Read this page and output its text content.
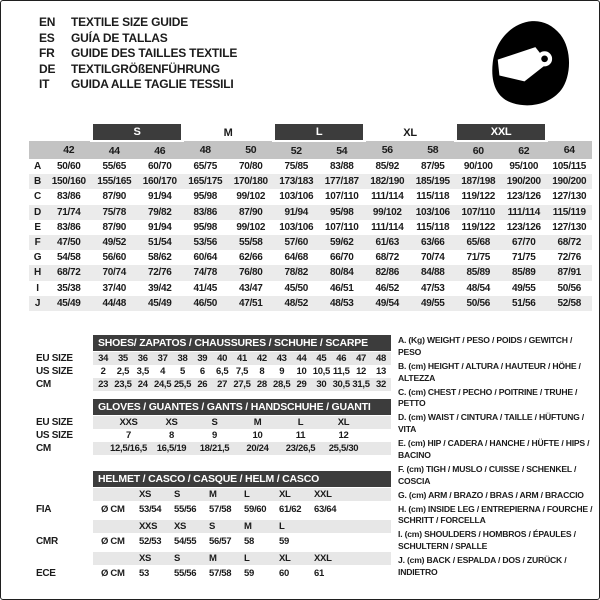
EN	TEXTILE SIZE GUIDE
ES	GUÍA DE TALLAS
FR	GUIDE DES TAILLES TEXTILE
DE	TEXTILGRÖßENFÜHRUNG
IT	GUIDA ALLE TAGLIE TESSILI
		S		M		L		XL		XXL		
	42	44	46	48	50	52	54	56	58	60	62	64
A	50/60	55/65	60/70	65/75	70/80	75/85	83/88	85/92	87/95	90/100	95/100	105/115
B	150/160	155/165	160/170	165/175	170/180	173/183	177/187	182/190	185/195	187/198	190/200	190/200
C	83/86	87/90	91/94	95/98	99/102	103/106	107/110	111/114	115/118	119/122	123/126	127/130
D	71/74	75/78	79/82	83/86	87/90	91/94	95/98	99/102	103/106	107/110	111/114	115/119
E	83/86	87/90	91/94	95/98	99/102	103/106	107/110	111/114	115/118	119/122	123/126	127/130
F	47/50	49/52	51/54	53/56	55/58	57/60	59/62	61/63	63/66	65/68	67/70	68/72
G	54/58	56/60	58/62	60/64	62/66	64/68	66/70	68/72	70/74	71/75	71/75	72/76
H	68/72	70/74	72/76	74/78	76/80	78/82	80/84	82/86	84/88	85/89	85/89	87/91
I	35/38	37/40	39/42	41/45	43/47	45/50	46/51	46/52	47/53	48/54	49/55	50/56
J	45/49	44/48	45/49	46/50	47/51	48/52	48/53	49/54	49/55	50/56	51/56	52/58
SHOES/ ZAPATOS / CHAUSSURES / SCHUHE / SCARPE
EU SIZE	34	35	36	37	38	39	40	41	42	43	44	45	46	47	48
US SIZE	2	2,5	3,5	4	5	6	6,5	7,5	8	9	10	10,5	11,5	12	13
CM	23	23,5	24	24,5	25,5	26	27	27,5	28	28,5	29	30	30,5	31,5	32
GLOVES / GUANTES / GANTS / HANDSCHUHE / GUANTI
EU SIZE		XXS	XS	S	M	L	XL	
US SIZE		7	8	9	10	11	12	
CM		12,5/16,5	16,5/19	18/21,5	20/24	23/26,5	25,5/30	
HELMET / CASCO / CASQUE / HELM / CASCO
		XS	S	M	L	XL	XXL	
FIA	Ø CM	53/54	55/56	57/58	59/60	61/62	63/64	

		XXS	XS	S	M	L		
CMR	Ø CM	52/53	54/55	56/57	58	59		

		XS	S	M	L	XL	XXL	
ECE	Ø CM	53	55/56	57/58	59	60	61	
A. (Kg) WEIGHT / PESO / POIDS / GEWITCH / PESO
B. (cm) HEIGHT / ALTURA / HAUTEUR / HÖHE / ALTEZZA
C. (cm) CHEST / PECHO / POITRINE / TRUHE / PETTO
D. (cm) WAIST / CINTURA / TAILLE / HÜFTUNG / VITA
E. (cm) HIP / CADERA / HANCHE / HÜFTE / HIPS / BACINO
F. (cm) TIGH / MUSLO / CUISSE / SCHENKEL / COSCIA
G. (cm) ARM / BRAZO / BRAS / ARM / BRACCIO
H. (cm) INSIDE LEG / ENTREPIERNA / FOURCHE / SCHRITT / FORCELLA
I. (cm) SHOULDERS / HOMBROS / ÉPAULES / SCHULTERN / SPALLE
J. (cm) BACK / ESPALDA / DOS / ZURÜCK / INDIETRO
